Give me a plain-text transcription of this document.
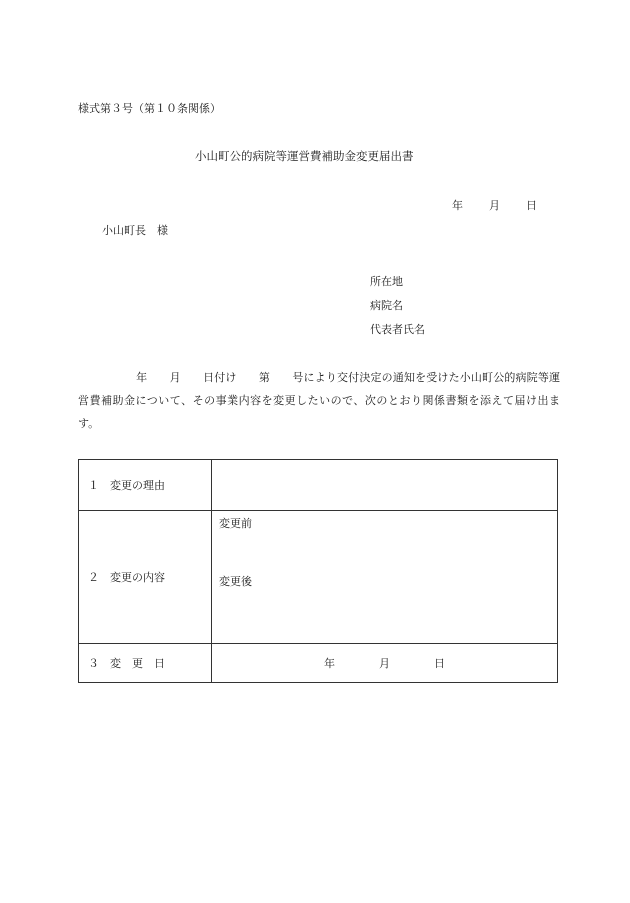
様式第３号（第１０条関係）
小山町公的病院等運営費補助金変更届出書
年 月 日
小山町長　様
所在地
病院名
代表者氏名
年　　月　　日付け　　第　　号により交付決定の通知を受けた小山町公的病院等運営費補助金について、その事業内容を変更したいので、次のとおり関係書類を添えて届け出ます。
１　変更の理由	
２　変更の内容	変更前
変更後

３　変　更　日	年　　　　月　　　　日
